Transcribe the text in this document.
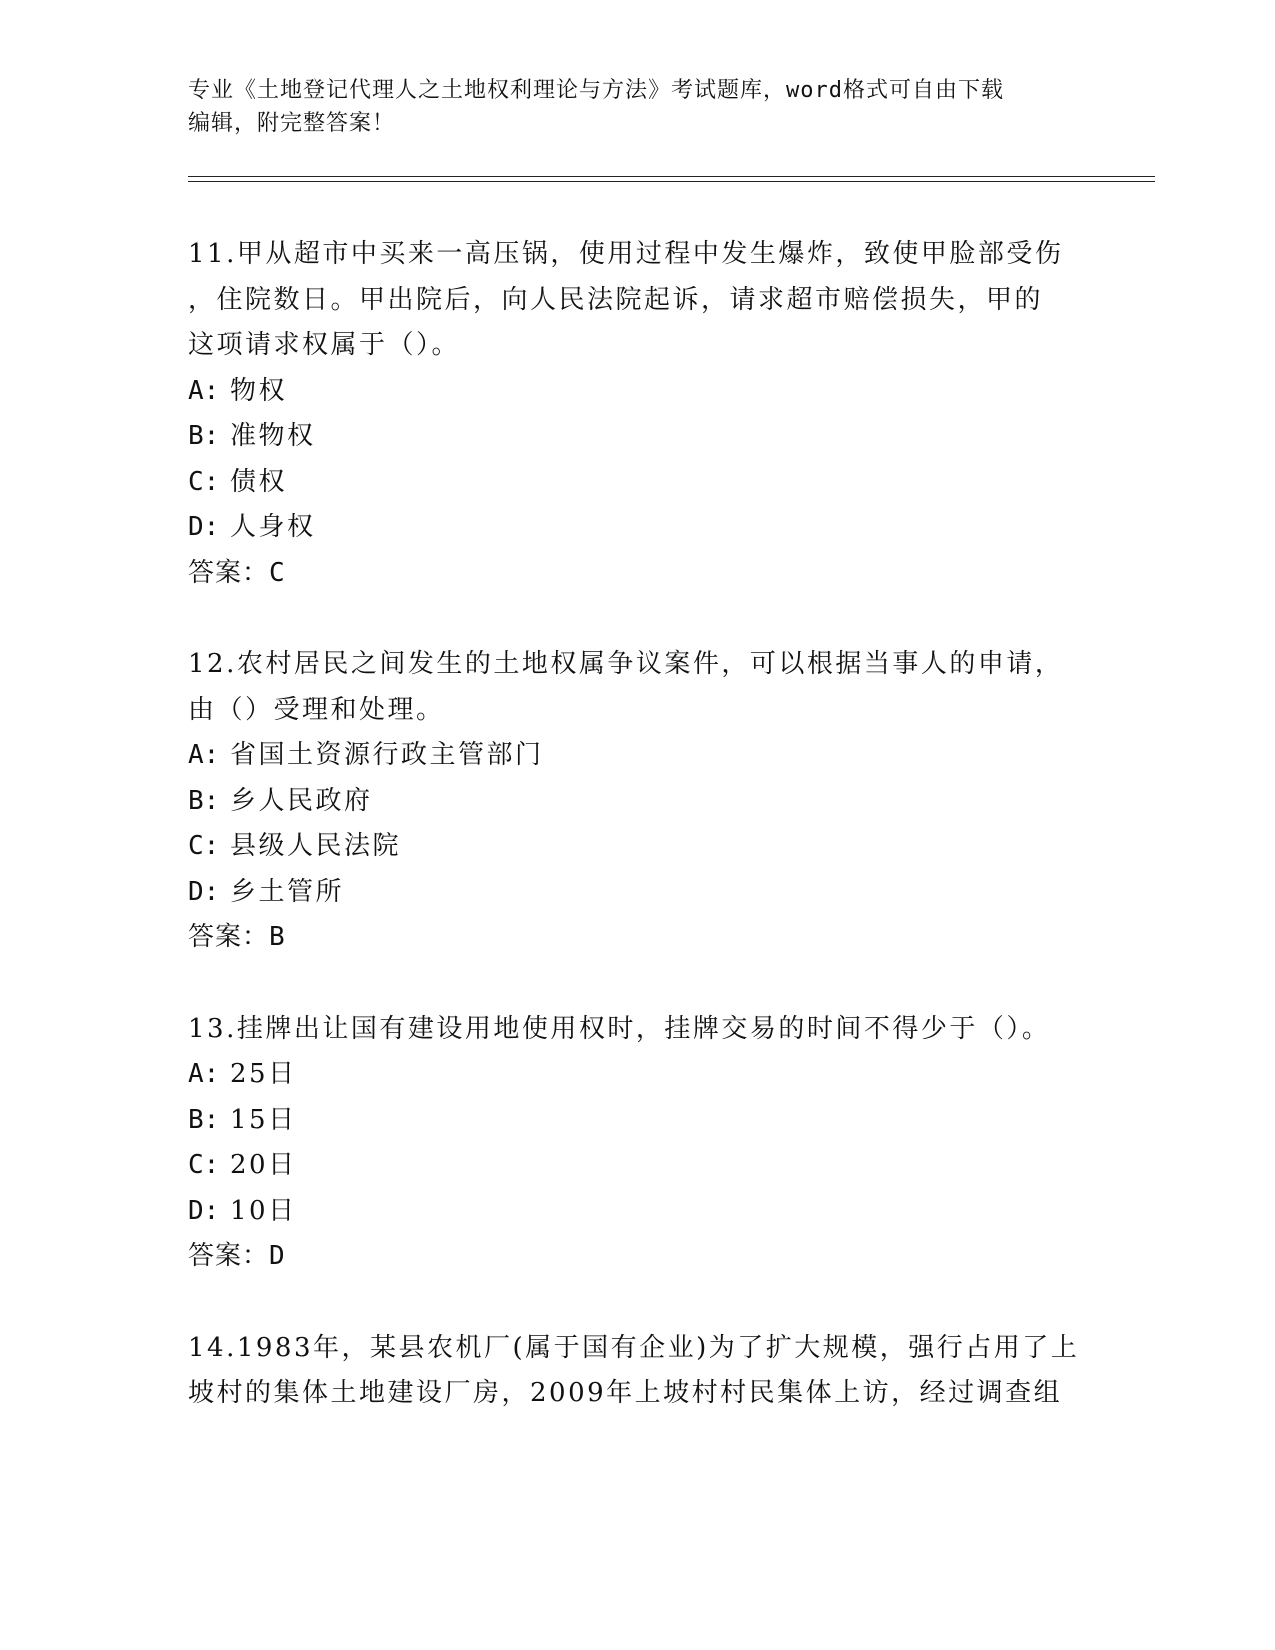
专业《土地登记代理人之土地权利理论与方法》考试题库，word格式可自由下载
编辑，附完整答案！
11.甲从超市中买来一高压锅，使用过程中发生爆炸，致使甲脸部受伤
，住院数日。甲出院后，向人民法院起诉，请求超市赔偿损失，甲的
这项请求权属于（）。
A: 物权
B: 准物权
C: 债权
D: 人身权
答案：C
12.农村居民之间发生的土地权属争议案件，可以根据当事人的申请，
由（）受理和处理。
A: 省国土资源行政主管部门
B: 乡人民政府
C: 县级人民法院
D: 乡土管所
答案：B
13.挂牌出让国有建设用地使用权时，挂牌交易的时间不得少于（）。
A: 25日
B: 15日
C: 20日
D: 10日
答案：D
14.1983年，某县农机厂(属于国有企业)为了扩大规模，强行占用了上
坡村的集体土地建设厂房，2009年上坡村村民集体上访，经过调查组
